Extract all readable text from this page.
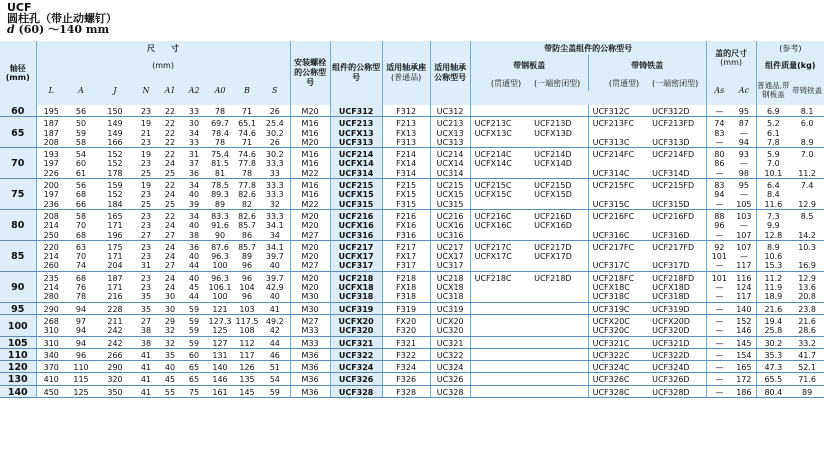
UCF
圆柱孔（带止动螺钉）
d (60) ～140 mm
轴径
(mm)	尺　　寸									安装螺栓的公称型号	组件的公称型号	适用轴承座
(普通品)	适用轴承公称型号	带防尘盖组件的公称型号				盖的尺寸
(mm)		(参考)	
	(mm)													带钢板盖		带铸铁盖				组件质量(kg)	
	L	A	J	N	A1	A2	A0	B	S					(贯通型) (一端密闭型)		(贯通型) (一端密闭型)		As	Ac	普通品,带钢板盖	带铸铁盖

60	195	56	150	23	22	33	78	71	26	M20	UCF312	F312	UC312			UCF312C	UCF312D	—	95	6.9	8.1
65	187	50	149	19	22	30	69.7	65.1	25.4	M16	UCF213	F213	UC213	UCF213C	UCF213D	UCF213FC	UCF213FD	74	87	5.2	6.0
	187	59	149	21	22	34	78.4	74.6	30.2	M16	UCFX13	FX13	UCX13	UCFX13C	UCFX13D			83	—	6.1	
	208	58	166	23	22	33	78	71	26	M20	UCF313	F313	UC313			UCF313C	UCF313D	—	94	7.8	8.9
70	193	54	152	19	22	31	75.4	74.6	30.2	M16	UCF214	F214	UC214	UCF214C	UCF214D	UCF214FC	UCF214FD	80	93	5.9	7.0
	197	60	152	23	24	37	81.5	77.8	33.3	M16	UCFX14	FX14	UCX14	UCFX14C	UCFX14D			86	—	7.0	
	226	61	178	25	25	36	81	78	33	M22	UCF314	F314	UC314			UCF314C	UCF314D	—	98	10.1	11.2
75	200	56	159	19	22	34	78.5	77.8	33.3	M16	UCF215	F215	UC215	UCF215C	UCF215D	UCF215FC	UCF215FD	83	95	6.4	7.4
	197	68	152	23	24	40	89.3	82.6	33.3	M16	UCFX15	FX15	UCX15	UCFX15C	UCFX15D			94	—	8.4	
	236	66	184	25	25	39	89	82	32	M22	UCF315	F315	UC315			UCF315C	UCF315D	—	105	11.6	12.9
80	208	58	165	23	22	34	83.3	82.6	33.3	M20	UCF216	F216	UC216	UCF216C	UCF216D	UCF216FC	UCF216FD	88	103	7.3	8.5
	214	70	171	23	24	40	91.6	85.7	34.1	M20	UCFX16	FX16	UCX16	UCFX16C	UCFX16D			96	—	9.9	
	250	68	196	27	27	38	90	86	34	M27	UCF316	F316	UC316			UCF316C	UCF316D	—	107	12.8	14.2
85	220	63	175	23	24	36	87.6	85.7	34.1	M20	UCF217	F217	UC217	UCF217C	UCF217D	UCF217FC	UCF217FD	92	107	8.9	10.3
	214	70	171	23	24	40	96.3	89	39.7	M20	UCFX17	FX17	UCX17	UCFX17C	UCFX17D			101	—	10.6	
	260	74	204	31	27	44	100	96	40	M27	UCF317	F317	UC317			UCF317C	UCF317D	—	117	15.3	16.9
90	235	68	187	23	24	40	96.3	96	39.7	M20	UCF218	F218	UC218	UCF218C	UCF218D	UCF218FC	UCF218FD	101	116	11.2	12.9
	214	76	171	23	24	45	106.1	104	42.9	M20	UCFX18	FX18	UCX18			UCFX18C	UCFX18D	—	124	11.9	13.6
	280	78	216	35	30	44	100	96	40	M30	UCF318	F318	UC318			UCF318C	UCF318D	—	117	18.9	20.8
95	290	94	228	35	30	59	121	103	41	M30	UCF319	F319	UC319			UCF319C	UCF319D	—	140	21.6	23.8
100	268	97	211	27	29	59	127.3	117.5	49.2	M27	UCFX20	FX20	UCX20			UCFX20C	UCFX20D	—	152	19.4	21.6
	310	94	242	38	32	59	125	108	42	M33	UCF320	F320	UC320			UCF320C	UCF320D	—	146	25.8	28.6
105	310	94	242	38	32	59	127	112	44	M33	UCF321	F321	UC321			UCF321C	UCF321D	—	145	30.2	33.2
110	340	96	266	41	35	60	131	117	46	M36	UCF322	F322	UC322			UCF322C	UCF322D	—	154	35.3	41.7
120	370	110	290	41	40	65	140	126	51	M36	UCF324	F324	UC324			UCF324C	UCF324D	—	165	47.3	52.1
130	410	115	320	41	45	65	146	135	54	M36	UCF326	F326	UC326			UCF326C	UCF326D	—	172	65.5	71.6
140	450	125	350	41	55	75	161	145	59	M36	UCF328	F328	UC328			UCF328C	UCF328D	—	186	80.4	89
